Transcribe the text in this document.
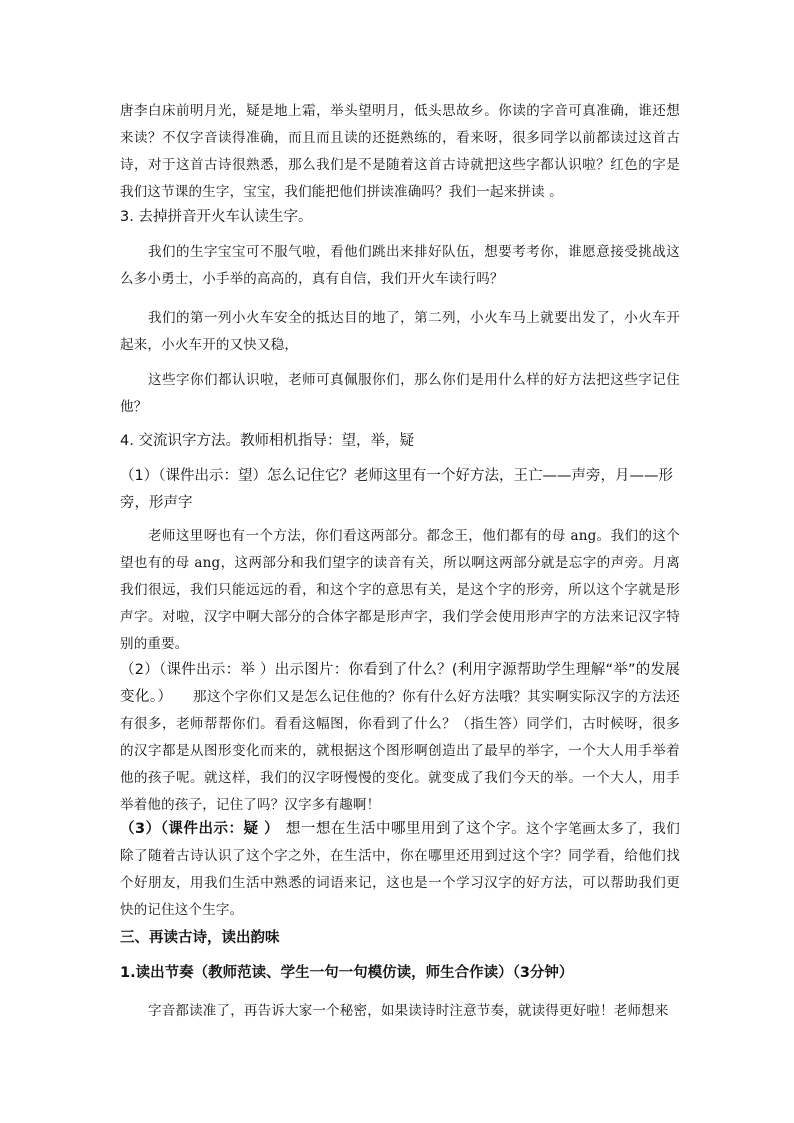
唐李白床前明月光，疑是地上霜，举头望明月，低头思故乡。你读的字音可真准确，谁还想来读？不仅字音读得准确，而且而且读的还挺熟练的，看来呀，很多同学以前都读过这首古诗，对于这首古诗很熟悉，那么我们是不是随着这首古诗就把这些字都认识啦？红色的字是我们这节课的生字，宝宝，我们能把他们拼读准确吗？我们一起来拼读 。

3. 去掉拼音开火车认读生字。

我们的生字宝宝可不服气啦，看他们跳出来排好队伍，想要考考你，谁愿意接受挑战这么多小勇士，小手举的高高的，真有自信，我们开火车读行吗？

我们的第一列小火车安全的抵达目的地了，第二列，小火车马上就要出发了，小火车开起来，小火车开的又快又稳，

这些字你们都认识啦，老师可真佩服你们，那么你们是用什么样的好方法把这些字记住他？

4. 交流识字方法。教师相机指导：望，举，疑

（1）（课件出示：望）怎么记住它？老师这里有一个好方法，王亡——声旁，月——形旁，形声字

老师这里呀也有一个方法，你们看这两部分。都念王，他们都有的母 ang。我们的这个望也有的母 ang，这两部分和我们望字的读音有关，所以啊这两部分就是忘字的声旁。月离我们很远，我们只能远远的看，和这个字的意思有关，是这个字的形旁，所以这个字就是形声字。对啦，汉字中啊大部分的合体字都是形声字，我们学会使用形声字的方法来记汉字特别的重要。

（2）（课件出示：举 ）出示图片：你看到了什么？(利用字源帮助学生理解“举”的发展变化。）　　 那这个字你们又是怎么记住他的？你有什么好方法哦？其实啊实际汉字的方法还有很多，老师帮帮你们。看看这幅图，你看到了什么？（指生答）同学们，古时候呀，很多的汉字都是从图形变化而来的，就根据这个图形啊创造出了最早的举字，一个大人用手举着他的孩子呢。就这样，我们的汉字呀慢慢的变化。就变成了我们今天的举。一个大人，用手举着他的孩子，记住了吗？汉字多有趣啊！

（3）（课件出示：疑 ）　 想一想在生活中哪里用到了这个字。这个字笔画太多了，我们除了随着古诗认识了这个字之外，在生活中，你在哪里还用到过这个字？同学看，给他们找个好朋友，用我们生活中熟悉的词语来记，这也是一个学习汉字的好方法，可以帮助我们更快的记住这个生字。

三、再读古诗，读出韵味

1.读出节奏（教师范读、学生一句一句模仿读，师生合作读）（3分钟）

字音都读准了，再告诉大家一个秘密，如果读诗时注意节奏，就读得更好啦！老师想来
